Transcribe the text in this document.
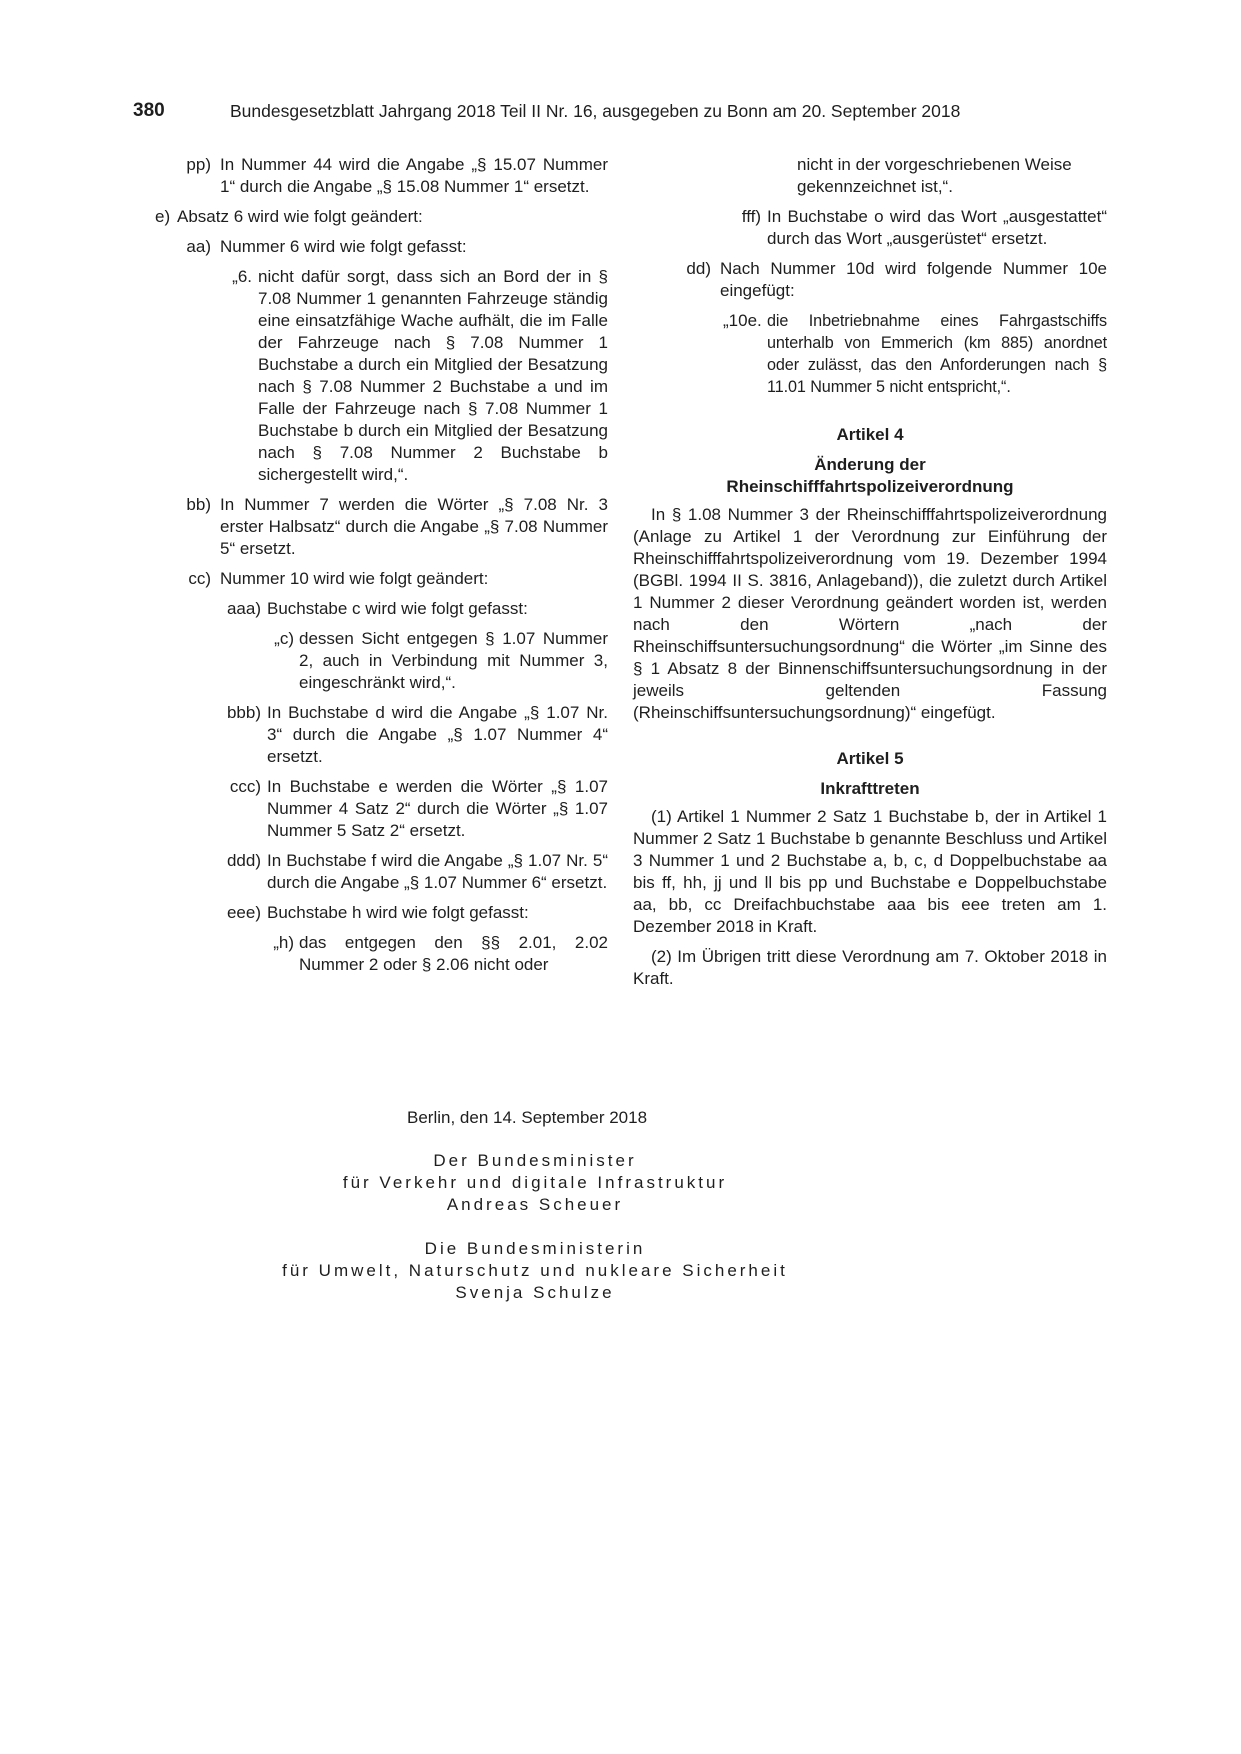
380	Bundesgesetzblatt Jahrgang 2018 Teil II Nr. 16, ausgegeben zu Bonn am 20. September 2018
pp) In Nummer 44 wird die Angabe „§ 15.07 Nummer 1“ durch die Angabe „§ 15.08 Nummer 1“ ersetzt.
e) Absatz 6 wird wie folgt geändert:
aa) Nummer 6 wird wie folgt gefasst:
„6. nicht dafür sorgt, dass sich an Bord der in § 7.08 Nummer 1 genannten Fahrzeuge ständig eine einsatzfähige Wache aufhält, die im Falle der Fahrzeuge nach § 7.08 Nummer 1 Buchstabe a durch ein Mitglied der Besatzung nach § 7.08 Nummer 2 Buchstabe a und im Falle der Fahrzeuge nach § 7.08 Nummer 1 Buchstabe b durch ein Mitglied der Besatzung nach § 7.08 Nummer 2 Buchstabe b sichergestellt wird,“.
bb) In Nummer 7 werden die Wörter „§ 7.08 Nr. 3 erster Halbsatz“ durch die Angabe „§ 7.08 Nummer 5“ ersetzt.
cc) Nummer 10 wird wie folgt geändert:
aaa) Buchstabe c wird wie folgt gefasst:
„c) dessen Sicht entgegen § 1.07 Nummer 2, auch in Verbindung mit Nummer 3, eingeschränkt wird,“.
bbb) In Buchstabe d wird die Angabe „§ 1.07 Nr. 3“ durch die Angabe „§ 1.07 Nummer 4“ ersetzt.
ccc) In Buchstabe e werden die Wörter „§ 1.07 Nummer 4 Satz 2“ durch die Wörter „§ 1.07 Nummer 5 Satz 2“ ersetzt.
ddd) In Buchstabe f wird die Angabe „§ 1.07 Nr. 5“ durch die Angabe „§ 1.07 Nummer 6“ ersetzt.
eee) Buchstabe h wird wie folgt gefasst:
„h) das entgegen den §§ 2.01, 2.02 Nummer 2 oder § 2.06 nicht oder
nicht in der vorgeschriebenen Weise gekennzeichnet ist,“.
fff) In Buchstabe o wird das Wort „ausgestattet“ durch das Wort „ausgerüstet“ ersetzt.
dd) Nach Nummer 10d wird folgende Nummer 10e eingefügt:
„10e. die Inbetriebnahme eines Fahrgastschiffs unterhalb von Emmerich (km 885) anordnet oder zulässt, das den Anforderungen nach § 11.01 Nummer 5 nicht entspricht,“.
Artikel 4
Änderung der
Rheinschifffahrtspolizeiverordnung

In § 1.08 Nummer 3 der Rheinschifffahrtspolizeiverordnung (Anlage zu Artikel 1 der Verordnung zur Einführung der Rheinschifffahrtspolizeiverordnung vom 19. Dezember 1994 (BGBl. 1994 II S. 3816, Anlageband)), die zuletzt durch Artikel 1 Nummer 2 dieser Verordnung geändert worden ist, werden nach den Wörtern „nach der Rheinschiffsuntersuchungsordnung“ die Wörter „im Sinne des § 1 Absatz 8 der Binnenschiffsuntersuchungsordnung in der jeweils geltenden Fassung (Rheinschiffsuntersuchungsordnung)“ eingefügt.

Artikel 5
Inkrafttreten

(1) Artikel 1 Nummer 2 Satz 1 Buchstabe b, der in Artikel 1 Nummer 2 Satz 1 Buchstabe b genannte Beschluss und Artikel 3 Nummer 1 und 2 Buchstabe a, b, c, d Doppelbuchstabe aa bis ff, hh, jj und ll bis pp und Buchstabe e Doppelbuchstabe aa, bb, cc Dreifachbuchstabe aaa bis eee treten am 1. Dezember 2018 in Kraft.

(2) Im Übrigen tritt diese Verordnung am 7. Oktober 2018 in Kraft.

Berlin, den 14. September 2018
Der Bundesminister
für Verkehr und digitale Infrastruktur
Andreas Scheuer
Die Bundesministerin
für Umwelt, Naturschutz und nukleare Sicherheit
Svenja Schulze
